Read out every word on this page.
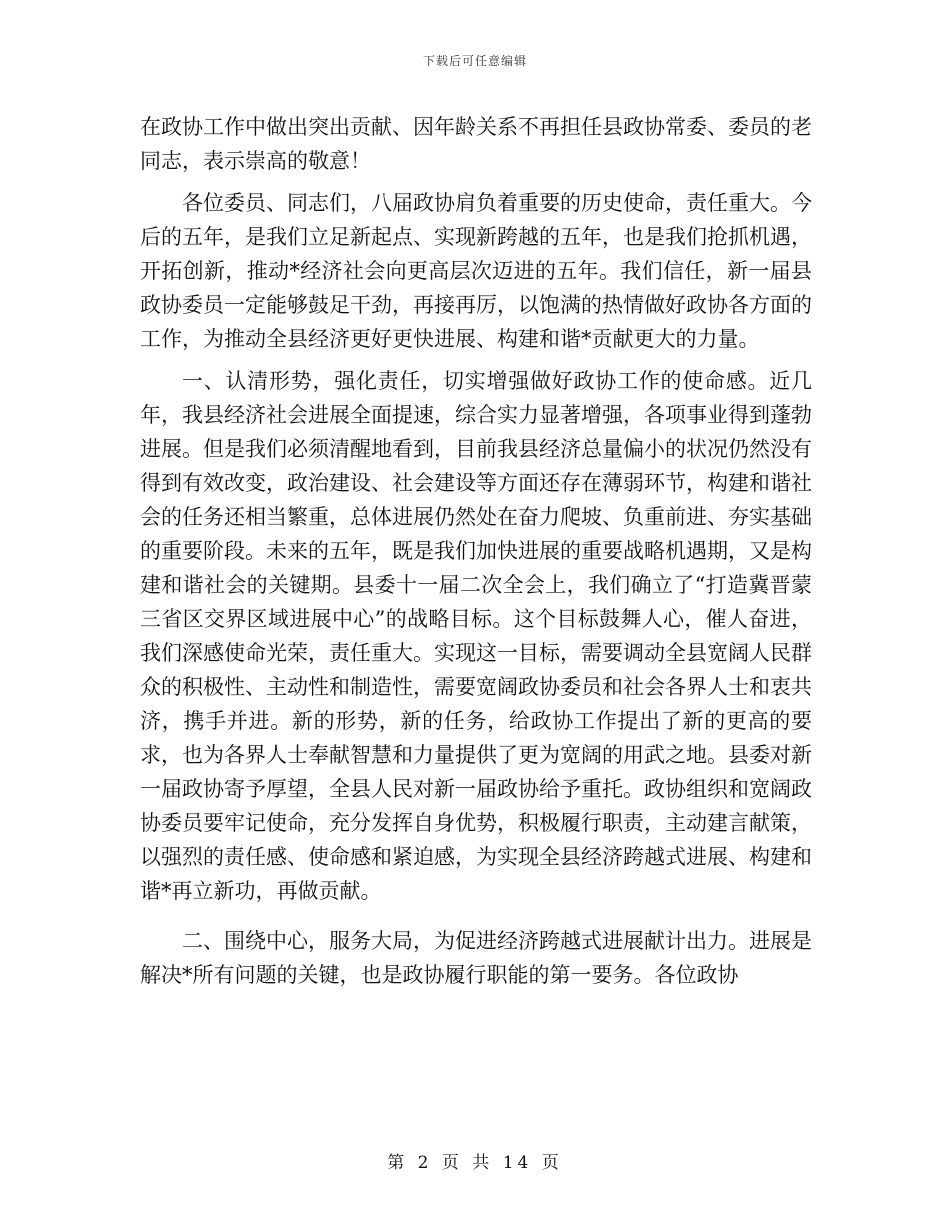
下载后可任意编辑

在政协工作中做出突出贡献、因年龄关系不再担任县政协常委、委员的老同志，表示崇高的敬意！

各位委员、同志们，八届政协肩负着重要的历史使命，责任重大。今后的五年，是我们立足新起点、实现新跨越的五年，也是我们抢抓机遇，开拓创新，推动*经济社会向更高层次迈进的五年。我们信任，新一届县政协委员一定能够鼓足干劲，再接再厉，以饱满的热情做好政协各方面的工作，为推动全县经济更好更快进展、构建和谐*贡献更大的力量。

一、认清形势，强化责任，切实增强做好政协工作的使命感。近几年，我县经济社会进展全面提速，综合实力显著增强，各项事业得到蓬勃进展。但是我们必须清醒地看到，目前我县经济总量偏小的状况仍然没有得到有效改变，政治建设、社会建设等方面还存在薄弱环节，构建和谐社会的任务还相当繁重，总体进展仍然处在奋力爬坡、负重前进、夯实基础的重要阶段。未来的五年，既是我们加快进展的重要战略机遇期，又是构建和谐社会的关键期。县委十一届二次全会上，我们确立了“打造冀晋蒙三省区交界区域进展中心”的战略目标。这个目标鼓舞人心，催人奋进，我们深感使命光荣，责任重大。实现这一目标，需要调动全县宽阔人民群众的积极性、主动性和制造性，需要宽阔政协委员和社会各界人士和衷共济，携手并进。新的形势，新的任务，给政协工作提出了新的更高的要求，也为各界人士奉献智慧和力量提供了更为宽阔的用武之地。县委对新一届政协寄予厚望，全县人民对新一届政协给予重托。政协组织和宽阔政协委员要牢记使命，充分发挥自身优势，积极履行职责，主动建言献策，以强烈的责任感、使命感和紧迫感，为实现全县经济跨越式进展、构建和谐*再立新功，再做贡献。

二、围绕中心，服务大局，为促进经济跨越式进展献计出力。进展是解决*所有问题的关键，也是政协履行职能的第一要务。各位政协

第 2 页 共 14 页
